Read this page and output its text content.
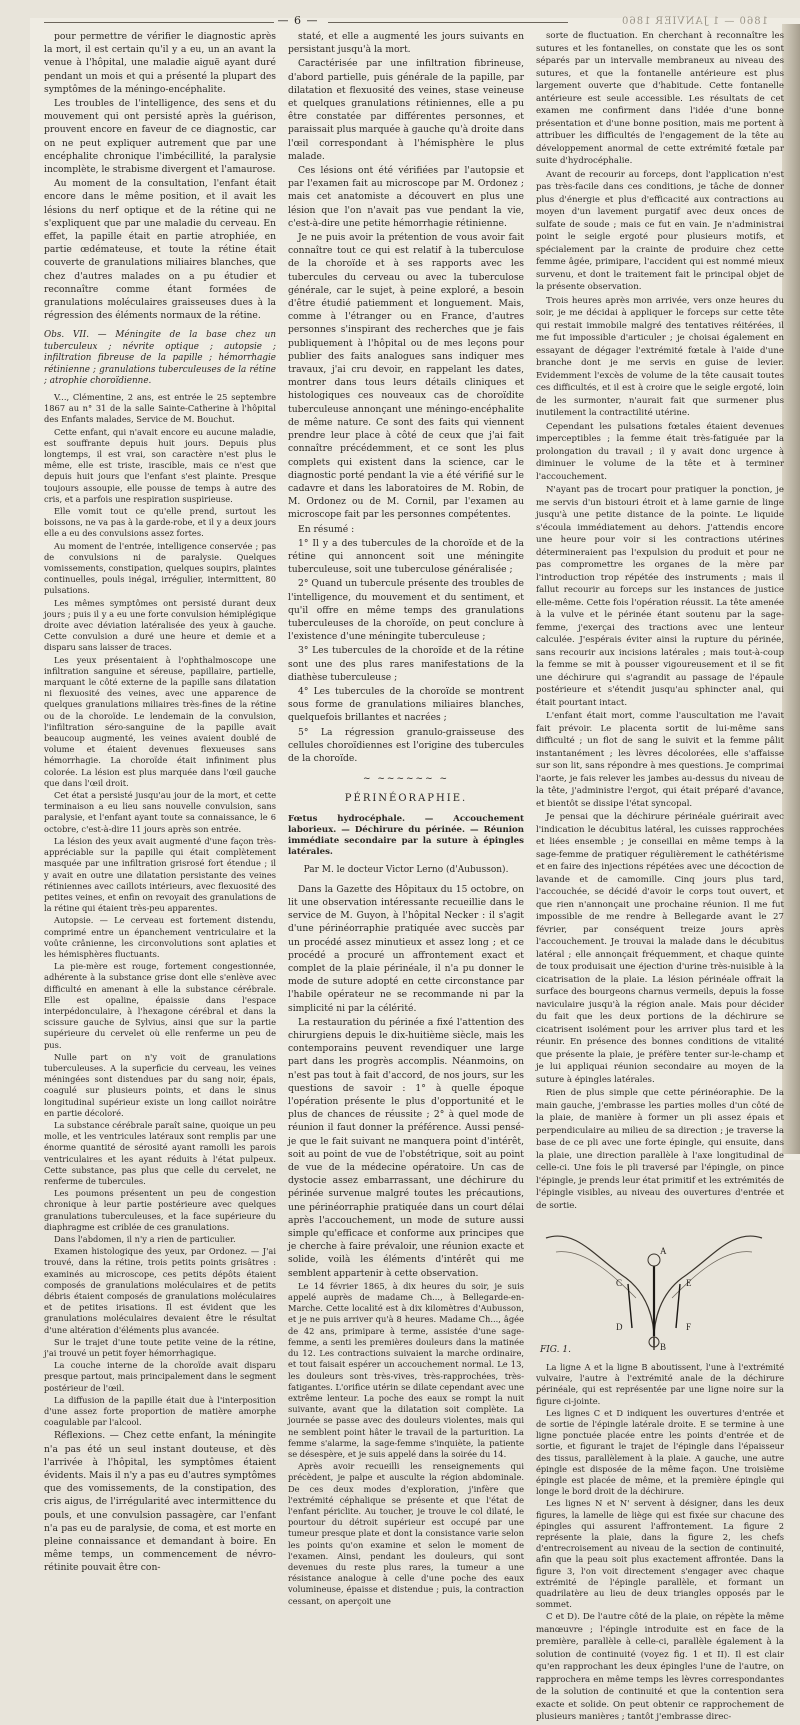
— 6 —	1860 — 1 JANVIER 1860

pour permettre de vérifier le diagnostic après la mort, il est certain qu'il y a eu, un an avant la venue à l'hôpital, une maladie aiguë ayant duré pendant un mois et qui a présenté la plupart des symptômes de la méningo-encéphalite.

Les troubles de l'intelligence, des sens et du mouvement qui ont persisté après la guérison, prouvent encore en faveur de ce diagnostic, car on ne peut expliquer autrement que par une encéphalite chronique l'imbécillité, la paralysie incomplète, le strabisme divergent et l'amaurose.

Au moment de la consultation, l'enfant était encore dans le même position, et il avait les lésions du nerf optique et de la rétine qui ne s'expliquent que par une maladie du cerveau. En effet, la papille était en partie atrophiée, en partie œdémateuse, et toute la rétine était couverte de granulations miliaires blanches, que chez d'autres malades on a pu étudier et reconnaître comme étant formées de granulations moléculaires graisseuses dues à la régression des éléments normaux de la rétine.

Obs. VII. — Méningite de la base chez un tuberculeux ; névrite optique ; autopsie ; infiltration fibreuse de la papille ; hémorrhagie rétinienne ; granulations tuberculeuses de la rétine ; atrophie choroïdienne.

V..., Clémentine, 2 ans, est entrée le 25 septembre 1867 au n° 31 de la salle Sainte-Catherine à l'hôpital des Enfants malades, Service de M. Bouchut.

Cette enfant, qui n'avait encore eu aucune maladie, est souffrante depuis huit jours. Depuis plus longtemps, il est vrai, son caractère n'est plus le même, elle est triste, irascible, mais ce n'est que depuis huit jours que l'enfant s'est plainte. Presque toujours assoupie, elle pousse de temps à autre des cris, et a parfois une respiration suspirieuse.

Elle vomit tout ce qu'elle prend, surtout les boissons, ne va pas à la garde-robe, et il y a deux jours elle a eu des convulsions assez fortes.

Au moment de l'entrée, intelligence conservée ; pas de convulsions ni de paralysie. Quelques vomissements, constipation, quelques soupirs, plaintes continuelles, pouls inégal, irrégulier, intermittent, 80 pulsations.

Les mêmes symptômes ont persisté durant deux jours ; puis il y a eu une forte convulsion hémiplégique droite avec déviation latéralisée des yeux à gauche. Cette convulsion a duré une heure et demie et a disparu sans laisser de traces.

Les yeux présentaient à l'ophthalmoscope une infiltration sanguine et séreuse, papillaire, partielle, marquant le côté externe de la papille sans dilatation ni flexuosité des veines, avec une apparence de quelques granulations miliaires très-fines de la rétine ou de la choroïde. Le lendemain de la convulsion, l'infiltration séro-sanguine de la papille avait beaucoup augmenté, les veines avaient doublé de volume et étaient devenues flexueuses sans hémorrhagie. La choroïde était infiniment plus colorée. La lésion est plus marquée dans l'œil gauche que dans l'œil droit.

Cet état a persisté jusqu'au jour de la mort, et cette terminaison a eu lieu sans nouvelle convulsion, sans paralysie, et l'enfant ayant toute sa connaissance, le 6 octobre, c'est-à-dire 11 jours après son entrée.

La lésion des yeux avait augmenté d'une façon très-appréciable sur la papille qui était complètement masquée par une infiltration grisrosé fort étendue ; il y avait en outre une dilatation persistante des veines rétiniennes avec caillots intérieurs, avec flexuosité des petites veines, et enfin on revoyait des granulations de la rétine qui étaient très-peu apparentes.

Autopsie. — Le cerveau est fortement distendu, comprimé entre un épanchement ventriculaire et la voûte crânienne, les circonvolutions sont aplaties et les hémisphères fluctuants.

La pie-mère est rouge, fortement congestionnée, adhérente à la substance grise dont elle s'enlève avec difficulté en amenant à elle la substance cérébrale. Elle est opaline, épaissie dans l'espace interpédonculaire, à l'hexagone cérébral et dans la scissure gauche de Sylvius, ainsi que sur la partie supérieure du cervelet où elle renferme un peu de pus.

Nulle part on n'y voit de granulations tuberculeuses. A la superficie du cerveau, les veines méningées sont distendues par du sang noir, épais, coagulé sur plusieurs points, et dans le sinus longitudinal supérieur existe un long caillot noirâtre en partie décoloré.

La substance cérébrale paraît saine, quoique un peu molle, et les ventricules latéraux sont remplis par une énorme quantité de sérosité ayant ramolli les parois ventriculaires et les ayant réduits à l'état pulpeux. Cette substance, pas plus que celle du cervelet, ne renferme de tubercules.

Les poumons présentent un peu de congestion chronique à leur partie postérieure avec quelques granulations tuberculeuses, et la face supérieure du diaphragme est criblée de ces granulations.

Dans l'abdomen, il n'y a rien de particulier.

Examen histologique des yeux, par Ordonez. — J'ai trouvé, dans la rétine, trois petits points grisâtres : examinés au microscope, ces petits dépôts étaient composés de granulations moléculaires et de petits débris étaient composés de granulations moléculaires et de petites irisations. Il est évident que les granulations moléculaires devaient être le résultat d'une altération d'éléments plus avancée.

Sur le trajet d'une toute petite veine de la rétine, j'ai trouvé un petit foyer hémorrhagique.

La couche interne de la choroïde avait disparu presque partout, mais principalement dans le segment postérieur de l'œil.

La diffusion de la papille était due à l'interposition d'une assez forte proportion de matière amorphe coagulable par l'alcool.

Réflexions. — Chez cette enfant, la méningite n'a pas été un seul instant douteuse, et dès l'arrivée à l'hôpital, les symptômes étaient évidents. Mais il n'y a pas eu d'autres symptômes que des vomissements, de la constipation, des cris aigus, de l'irrégularité avec intermittence du pouls, et une convulsion passagère, car l'enfant n'a pas eu de paralysie, de coma, et est morte en pleine connaissance et demandant à boire. En même temps, un commencement de névro-rétinite pouvait être con-

staté, et elle a augmenté les jours suivants en persistant jusqu'à la mort.

Caractérisée par une infiltration fibrineuse, d'abord partielle, puis générale de la papille, par dilatation et flexuosité des veines, stase veineuse et quelques granulations rétiniennes, elle a pu être constatée par différentes personnes, et paraissait plus marquée à gauche qu'à droite dans l'œil correspondant à l'hémisphère le plus malade.

Ces lésions ont été vérifiées par l'autopsie et par l'examen fait au microscope par M. Ordonez ; mais cet anatomiste a découvert en plus une lésion que l'on n'avait pas vue pendant la vie, c'est-à-dire une petite hémorrhagie rétinienne.

Je ne puis avoir la prétention de vous avoir fait connaître tout ce qui est relatif à la tuberculose de la choroïde et à ses rapports avec les tubercules du cerveau ou avec la tuberculose générale, car le sujet, à peine exploré, a besoin d'être étudié patiemment et longuement. Mais, comme à l'étranger ou en France, d'autres personnes s'inspirant des recherches que je fais publiquement à l'hôpital ou de mes leçons pour publier des faits analogues sans indiquer mes travaux, j'ai cru devoir, en rappelant les dates, montrer dans tous leurs détails cliniques et histologiques ces nouveaux cas de choroïdite tuberculeuse annonçant une méningo-encéphalite de même nature. Ce sont des faits qui viennent prendre leur place à côté de ceux que j'ai fait connaître précédemment, et ce sont les plus complets qui existent dans la science, car le diagnostic porté pendant la vie a été vérifié sur le cadavre et dans les laboratoires de M. Robin, de M. Ordonez ou de M. Cornil, par l'examen au microscope fait par les personnes compétentes.

En résumé :

1° Il y a des tubercules de la choroïde et de la rétine qui annoncent soit une méningite tuberculeuse, soit une tuberculose généralisée ;

2° Quand un tubercule présente des troubles de l'intelligence, du mouvement et du sentiment, et qu'il offre en même temps des granulations tuberculeuses de la choroïde, on peut conclure à l'existence d'une méningite tuberculeuse ;

3° Les tubercules de la choroïde et de la rétine sont une des plus rares manifestations de la diathèse tuberculeuse ;

4° Les tubercules de la choroïde se montrent sous forme de granulations miliaires blanches, quelquefois brillantes et nacrées ;

5° La régression granulo-graisseuse des cellules choroïdiennes est l'origine des tubercules de la choroïde.

~ ~~~~~~ ~
PÉRINÉORAPHIE.

Fœtus hydrocéphale. — Accouchement laborieux. — Déchirure du périnée. — Réunion immédiate secondaire par la suture à épingles latérales.

Par M. le docteur Victor Lerno (d'Aubusson).

Dans la Gazette des Hôpitaux du 15 octobre, on lit une observation intéressante recueillie dans le service de M. Guyon, à l'hôpital Necker : il s'agit d'une périnéorraphie pratiquée avec succès par un procédé assez minutieux et assez long ; et ce procédé a procuré un affrontement exact et complet de la plaie périnéale, il n'a pu donner le mode de suture adopté en cette circonstance par l'habile opérateur ne se recommande ni par la simplicité ni par la célérité.

La restauration du périnée a fixé l'attention des chirurgiens depuis le dix-huitième siècle, mais les contemporains peuvent revendiquer une large part dans les progrès accomplis. Néanmoins, on n'est pas tout à fait d'accord, de nos jours, sur les questions de savoir : 1° à quelle époque l'opération présente le plus d'opportunité et le plus de chances de réussite ; 2° à quel mode de réunion il faut donner la préférence. Aussi pensé-je que le fait suivant ne manquera point d'intérêt, soit au point de vue de l'obstétrique, soit au point de vue de la médecine opératoire. Un cas de dystocie assez embarrassant, une déchirure du périnée survenue malgré toutes les précautions, une périnéorraphie pratiquée dans un court délai après l'accouchement, un mode de suture aussi simple qu'efficace et conforme aux principes que je cherche à faire prévaloir, une réunion exacte et solide, voilà les éléments d'intérêt qui me semblent appartenir à cette observation.

Le 14 février 1865, à dix heures du soir, je suis appelé auprès de madame Ch..., à Bellegarde-en-Marche. Cette localité est à dix kilomètres d'Aubusson, et je ne puis arriver qu'à 8 heures. Madame Ch..., âgée de 42 ans, primipare à terme, assistée d'une sage-femme, a senti les premières douleurs dans la matinée du 12. Les contractions suivaient la marche ordinaire, et tout faisait espérer un accouchement normal. Le 13, les douleurs sont très-vives, très-rapprochées, très-fatigantes. L'orifice utérin se dilate cependant avec une extrême lenteur. La poche des eaux se rompt la nuit suivante, avant que la dilatation soit complète. La journée se passe avec des douleurs violentes, mais qui ne semblent point hâter le travail de la parturition. La femme s'alarme, la sage-femme s'inquiète, la patiente se désespère, et je suis appelé dans la soirée du 14.

Après avoir recueilli les renseignements qui précèdent, je palpe et ausculte la région abdominale. De ces deux modes d'exploration, j'infère que l'extrémité céphalique se présente et que l'état de l'enfant périclite. Au toucher, je trouve le col dilaté, le pourtour du détroit supérieur est occupé par une tumeur presque plate et dont la consistance varie selon les points qu'on examine et selon le moment de l'examen. Ainsi, pendant les douleurs, qui sont devenues du reste plus rares, la tumeur a une résistance analogue à celle d'une poche des eaux volumineuse, épaisse et distendue ; puis, la contraction cessant, on aperçoit une

sorte de fluctuation. En cherchant à reconnaître les sutures et les fontanelles, on constate que les os sont séparés par un intervalle membraneux au niveau des sutures, et que la fontanelle antérieure est plus largement ouverte que d'habitude. Cette fontanelle antérieure est seule accessible. Les résultats de cet examen me confirment dans l'idée d'une bonne présentation et d'une bonne position, mais me portent à attribuer les difficultés de l'engagement de la tête au développement anormal de cette extrémité fœtale par suite d'hydrocéphalie.

Avant de recourir au forceps, dont l'application n'est pas très-facile dans ces conditions, je tâche de donner plus d'énergie et plus d'efficacité aux contractions au moyen d'un lavement purgatif avec deux onces de sulfate de soude ; mais ce fut en vain. Je n'administrai point le seigle ergoté pour plusieurs motifs, et spécialement par la crainte de produire chez cette femme âgée, primipare, l'accident qui est nommé mieux survenu, et dont le traitement fait le principal objet de la présente observation.

Trois heures après mon arrivée, vers onze heures du soir, je me décidai à appliquer le forceps sur cette tête qui restait immobile malgré des tentatives réitérées, il me fut impossible d'articuler ; je choisai également en essayant de dégager l'extrémité fœtale à l'aide d'une branche dont je me servis en guise de levier. Evidemment l'excès de volume de la tête causait toutes ces difficultés, et il est à croire que le seigle ergoté, loin de les surmonter, n'aurait fait que surmener plus inutilement la contractilité utérine.

Cependant les pulsations fœtales étaient devenues imperceptibles ; la femme était très-fatiguée par la prolongation du travail ; il y avait donc urgence à diminuer le volume de la tête et à terminer l'accouchement.

N'ayant pas de trocart pour pratiquer la ponction, je me servis d'un bistouri étroit et à lame garnie de linge jusqu'à une petite distance de la pointe. Le liquide s'écoula immédiatement au dehors. J'attendis encore une heure pour voir si les contractions utérines détermineraient pas l'expulsion du produit et pour ne pas compromettre les organes de la mère par l'introduction trop répétée des instruments ; mais il fallut recourir au forceps sur les instances de justice elle-même. Cette fois l'opération réussit. La tête amenée à la vulve et le périnée étant soutenu par la sage-femme, j'exerçai des tractions avec une lenteur calculée. J'espérais éviter ainsi la rupture du périnée, sans recourir aux incisions latérales ; mais tout-à-coup la femme se mit à pousser vigoureusement et il se fit une déchirure qui s'agrandit au passage de l'épaule postérieure et s'étendit jusqu'au sphincter anal, qui était pourtant intact.

L'enfant était mort, comme l'auscultation me l'avait fait prévoir. Le placenta sortit de lui-même sans difficulté ; un flot de sang le suivit et la femme pâlit instantanément ; les lèvres décolorées, elle s'affaisse sur son lit, sans répondre à mes questions. Je comprimai l'aorte, je fais relever les jambes au-dessus du niveau de la tête, j'administre l'ergot, qui était préparé d'avance, et bientôt se dissipe l'état syncopal.

Je pensai que la déchirure périnéale guérirait avec l'indication le décubitus latéral, les cuisses rapprochées et liées ensemble ; je conseillai en même temps à la sage-femme de pratiquer régulièrement le cathétérisme et en faire des injections répétées avec une décoction de lavande et de camomille. Cinq jours plus tard, l'accouchée, se décidé d'avoir le corps tout ouvert, et que rien n'annonçait une prochaine réunion. Il me fut impossible de me rendre à Bellegarde avant le 27 février, par conséquent treize jours après l'accouchement. Je trouvai la malade dans le décubitus latéral ; elle annonçait fréquemment, et chaque quinte de toux produisait une éjection d'urine très-nuisible à la cicatrisation de la plaie. La lésion périnéale offrait la surface des bourgeons charnus vermeils, depuis la fosse naviculaire jusqu'à la région anale. Mais pour décider du fait que les deux portions de la déchirure se cicatrisent isolément pour les arriver plus tard et les réunir. En présence des bonnes conditions de vitalité que présente la plaie, je préfère tenter sur-le-champ et je lui appliquai réunion secondaire au moyen de la suture à épingles latérales.

Rien de plus simple que cette périnéoraphie. De la main gauche, j'embrasse les parties molles d'un côté de la plaie, de manière à former un pli assez épais et perpendiculaire au milieu de sa direction ; je traverse la base de ce pli avec une forte épingle, qui ensuite, dans la plaie, une direction parallèle à l'axe longitudinal de celle-ci. Une fois le pli traversé par l'épingle, on pince l'épingle, je prends leur état primitif et les extrémités de l'épingle visibles, au niveau des ouvertures d'entrée et de sortie.

A
B
C
D
E
F
FIG. 1.

La ligne A et la ligne B aboutissent, l'une à l'extrémité vulvaire, l'autre à l'extrémité anale de la déchirure périnéale, qui est représentée par une ligne noire sur la figure ci-jointe.

Les lignes C et D indiquent les ouvertures d'entrée et de sortie de l'épingle latérale droite. E se termine à une ligne ponctuée placée entre les points d'entrée et de sortie, et figurant le trajet de l'épingle dans l'épaisseur des tissus, parallèlement à la plaie. A gauche, une autre épingle est disposée de la même façon. Une troisième épingle est placée de même, et la première épingle qui longe le bord droit de la déchirure.

Les lignes N et N' servent à désigner, dans les deux figures, la lamelle de liège qui est fixée sur chacune des épingles qui assurent l'affrontement. La figure 2 représente la plaie, dans la figure 2, les chefs d'entrecroisement au niveau de la section de continuité, afin que la peau soit plus exactement affrontée. Dans la figure 3, l'on voit directement s'engager avec chaque extrémité de l'épingle parallèle, et formant un quadrilatère au lieu de deux triangles opposés par le sommet.

C et D). De l'autre côté de la plaie, on répète la même manœuvre ; l'épingle introduite est en face de la première, parallèle à celle-ci, parallèle également à la solution de continuité (voyez fig. 1 et II). Il est clair qu'en rapprochant les deux épingles l'une de l'autre, on rapprochera en même temps les lèvres correspondantes de la solution de continuité et que la contention sera exacte et solide. On peut obtenir ce rapprochement de plusieurs manières ; tantôt j'embrasse direc-
